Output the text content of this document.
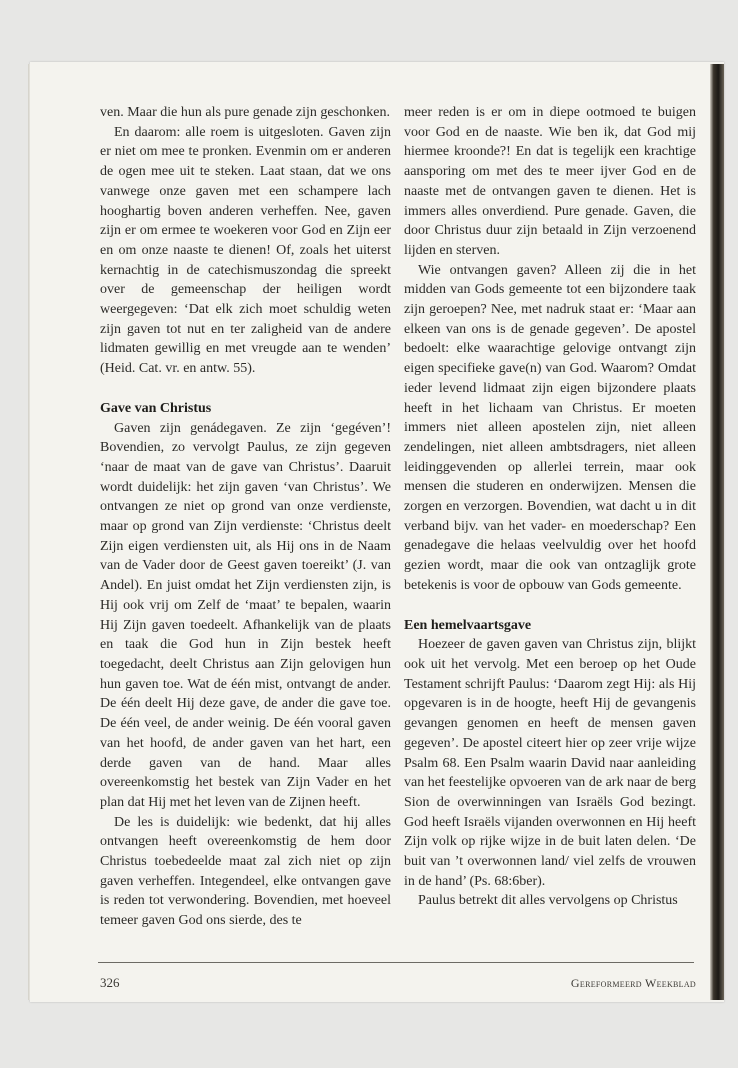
ven. Maar die hun als pure genade zijn geschonken.

En daarom: alle roem is uitgesloten. Gaven zijn er niet om mee te pronken. Evenmin om er anderen de ogen mee uit te steken. Laat staan, dat we ons vanwege onze gaven met een schampere lach hooghartig boven anderen verheffen. Nee, gaven zijn er om ermee te woekeren voor God en Zijn eer en om onze naaste te dienen! Of, zoals het uiterst kernachtig in de catechismuszondag die spreekt over de gemeenschap der heiligen wordt weergegeven: ‘Dat elk zich moet schuldig weten zijn gaven tot nut en ter zaligheid van de andere lidmaten gewillig en met vreugde aan te wenden’ (Heid. Cat. vr. en antw. 55).

Gave van Christus

Gaven zijn genádegaven. Ze zijn ‘gegéven’! Bovendien, zo vervolgt Paulus, ze zijn gegeven ‘naar de maat van de gave van Christus’. Daaruit wordt duidelijk: het zijn gaven ‘van Christus’. We ontvangen ze niet op grond van onze verdienste, maar op grond van Zijn verdienste: ‘Christus deelt Zijn eigen verdiensten uit, als Hij ons in de Naam van de Vader door de Geest gaven toereikt’ (J. van Andel). En juist omdat het Zijn verdiensten zijn, is Hij ook vrij om Zelf de ‘maat’ te bepalen, waarin Hij Zijn gaven toedeelt. Afhankelijk van de plaats en taak die God hun in Zijn bestek heeft toegedacht, deelt Christus aan Zijn gelovigen hun hun gaven toe. Wat de één mist, ontvangt de ander. De één deelt Hij deze gave, de ander die gave toe. De één veel, de ander weinig. De één vooral gaven van het hoofd, de ander gaven van het hart, een derde gaven van de hand. Maar alles overeenkomstig het bestek van Zijn Vader en het plan dat Hij met het leven van de Zijnen heeft.

De les is duidelijk: wie bedenkt, dat hij alles ontvangen heeft overeenkomstig de hem door Christus toebedeelde maat zal zich niet op zijn gaven verheffen. Integendeel, elke ontvangen gave is reden tot verwondering. Bovendien, met hoeveel temeer gaven God ons sierde, des te

meer reden is er om in diepe ootmoed te buigen voor God en de naaste. Wie ben ik, dat God mij hiermee kroonde?! En dat is tegelijk een krachtige aansporing om met des te meer ijver God en de naaste met de ontvangen gaven te dienen. Het is immers alles onverdiend. Pure genade. Gaven, die door Christus duur zijn betaald in Zijn verzoenend lijden en sterven.

Wie ontvangen gaven? Alleen zij die in het midden van Gods gemeente tot een bijzondere taak zijn geroepen? Nee, met nadruk staat er: ‘Maar aan elkeen van ons is de genade gegeven’. De apostel bedoelt: elke waarachtige gelovige ontvangt zijn eigen specifieke gave(n) van God. Waarom? Omdat ieder levend lidmaat zijn eigen bijzondere plaats heeft in het lichaam van Christus. Er moeten immers niet alleen apostelen zijn, niet alleen zendelingen, niet alleen ambtsdragers, niet alleen leidinggevenden op allerlei terrein, maar ook mensen die studeren en onderwijzen. Mensen die zorgen en verzorgen. Bovendien, wat dacht u in dit verband bijv. van het vader- en moederschap? Een genadegave die helaas veelvuldig over het hoofd gezien wordt, maar die ook van ontzaglijk grote betekenis is voor de opbouw van Gods gemeente.

Een hemelvaartsgave

Hoezeer de gaven gaven van Christus zijn, blijkt ook uit het vervolg. Met een beroep op het Oude Testament schrijft Paulus: ‘Daarom zegt Hij: als Hij opgevaren is in de hoogte, heeft Hij de gevangenis gevangen genomen en heeft de mensen gaven gegeven’. De apostel citeert hier op zeer vrije wijze Psalm 68. Een Psalm waarin David naar aanleiding van het feestelijke opvoeren van de ark naar de berg Sion de overwinningen van Israëls God bezingt. God heeft Israëls vijanden overwonnen en Hij heeft Zijn volk op rijke wijze in de buit laten delen. ‘De buit van ’t overwonnen land/ viel zelfs de vrouwen in de hand’ (Ps. 68:6ber).

Paulus betrekt dit alles vervolgens op Christus

326	Gereformeerd Weekblad
